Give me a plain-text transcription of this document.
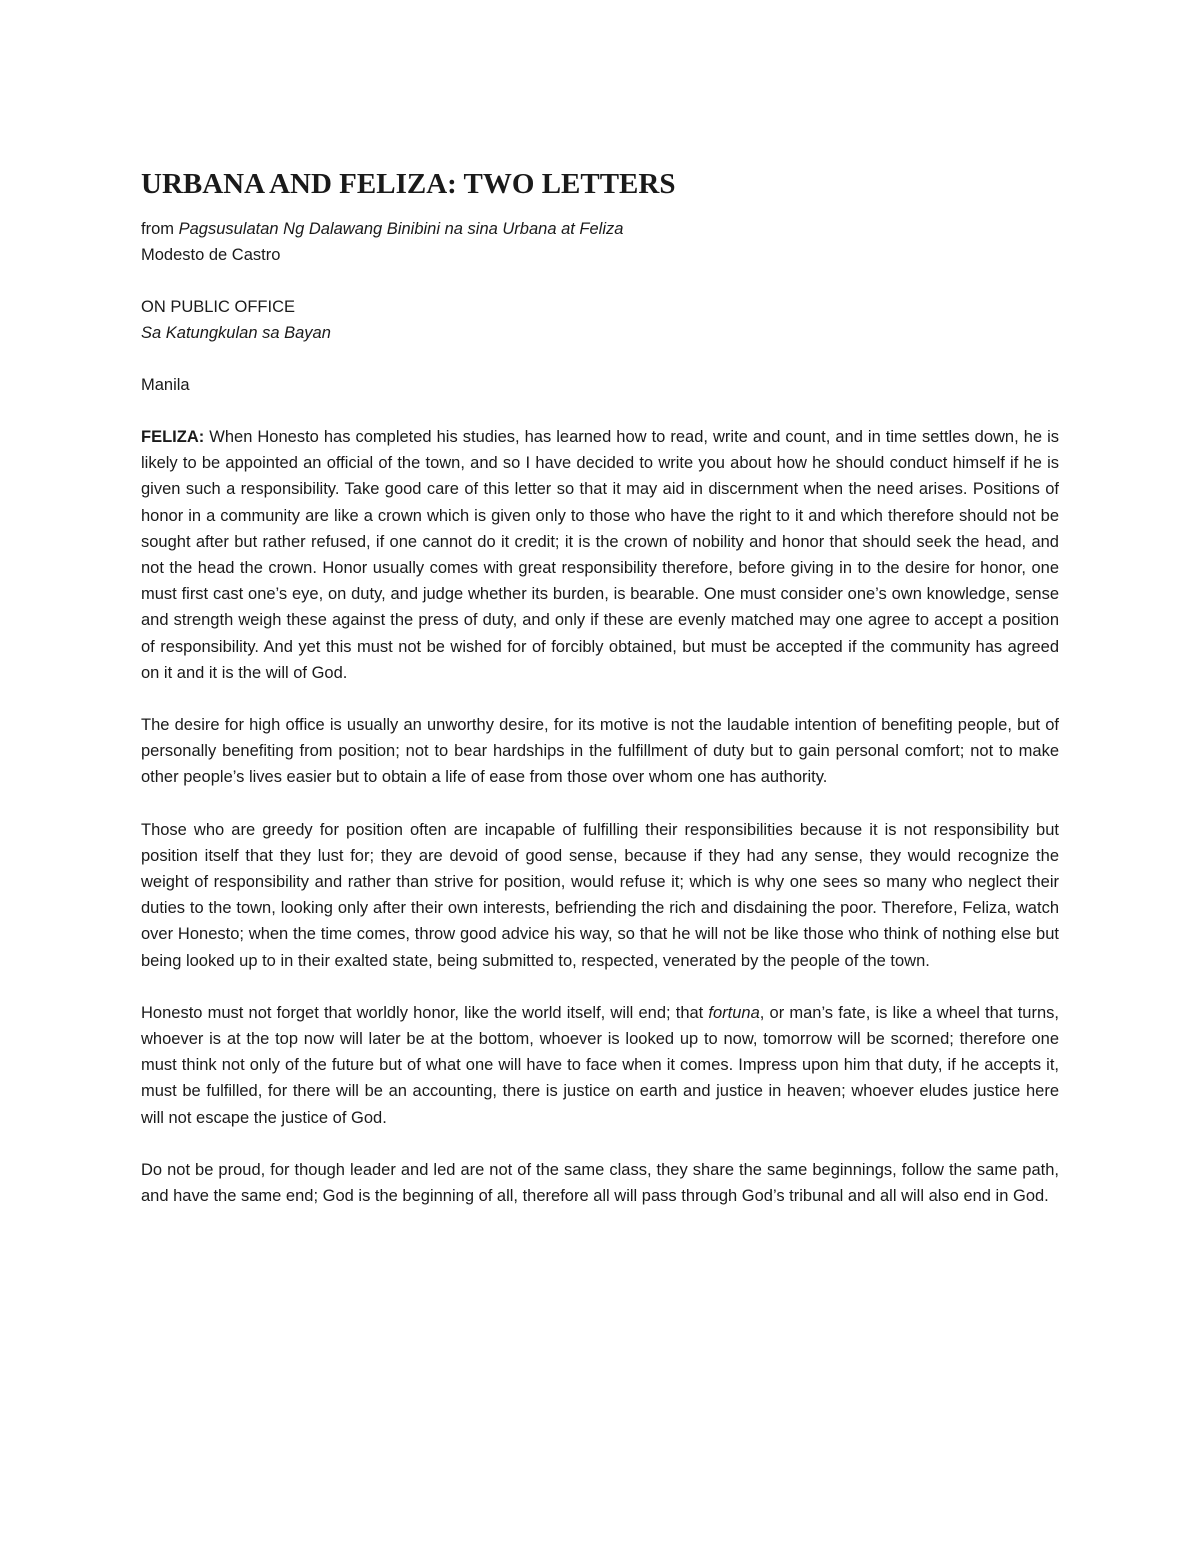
URBANA AND FELIZA: TWO LETTERS

from Pagsusulatan Ng Dalawang Binibini na sina Urbana at Feliza

Modesto de Castro

ON PUBLIC OFFICE

Sa Katungkulan sa Bayan

Manila

FELIZA: When Honesto has completed his studies, has learned how to read, write and count, and in time settles down, he is likely to be appointed an official of the town, and so I have decided to write you about how he should conduct himself if he is given such a responsibility. Take good care of this letter so that it may aid in discernment when the need arises. Positions of honor in a community are like a crown which is given only to those who have the right to it and which therefore should not be sought after but rather refused, if one cannot do it credit; it is the crown of nobility and honor that should seek the head, and not the head the crown. Honor usually comes with great responsibility therefore, before giving in to the desire for honor, one must first cast one’s eye, on duty, and judge whether its burden, is bearable. One must consider one’s own knowledge, sense and strength weigh these against the press of duty, and only if these are evenly matched may one agree to accept a position of responsibility. And yet this must not be wished for of forcibly obtained, but must be accepted if the community has agreed on it and it is the will of God.

The desire for high office is usually an unworthy desire, for its motive is not the laudable intention of benefiting people, but of personally benefiting from position; not to bear hardships in the fulfillment of duty but to gain personal comfort; not to make other people’s lives easier but to obtain a life of ease from those over whom one has authority.

Those who are greedy for position often are incapable of fulfilling their responsibilities because it is not responsibility but position itself that they lust for; they are devoid of good sense, because if they had any sense, they would recognize the weight of responsibility and rather than strive for position, would refuse it; which is why one sees so many who neglect their duties to the town, looking only after their own interests, befriending the rich and disdaining the poor. Therefore, Feliza, watch over Honesto; when the time comes, throw good advice his way, so that he will not be like those who think of nothing else but being looked up to in their exalted state, being submitted to, respected, venerated by the people of the town.

Honesto must not forget that worldly honor, like the world itself, will end; that fortuna, or man’s fate, is like a wheel that turns, whoever is at the top now will later be at the bottom, whoever is looked up to now, tomorrow will be scorned; therefore one must think not only of the future but of what one will have to face when it comes. Impress upon him that duty, if he accepts it, must be fulfilled, for there will be an accounting, there is justice on earth and justice in heaven; whoever eludes justice here will not escape the justice of God.

Do not be proud, for though leader and led are not of the same class, they share the same beginnings, follow the same path, and have the same end; God is the beginning of all, therefore all will pass through God’s tribunal and all will also end in God.
